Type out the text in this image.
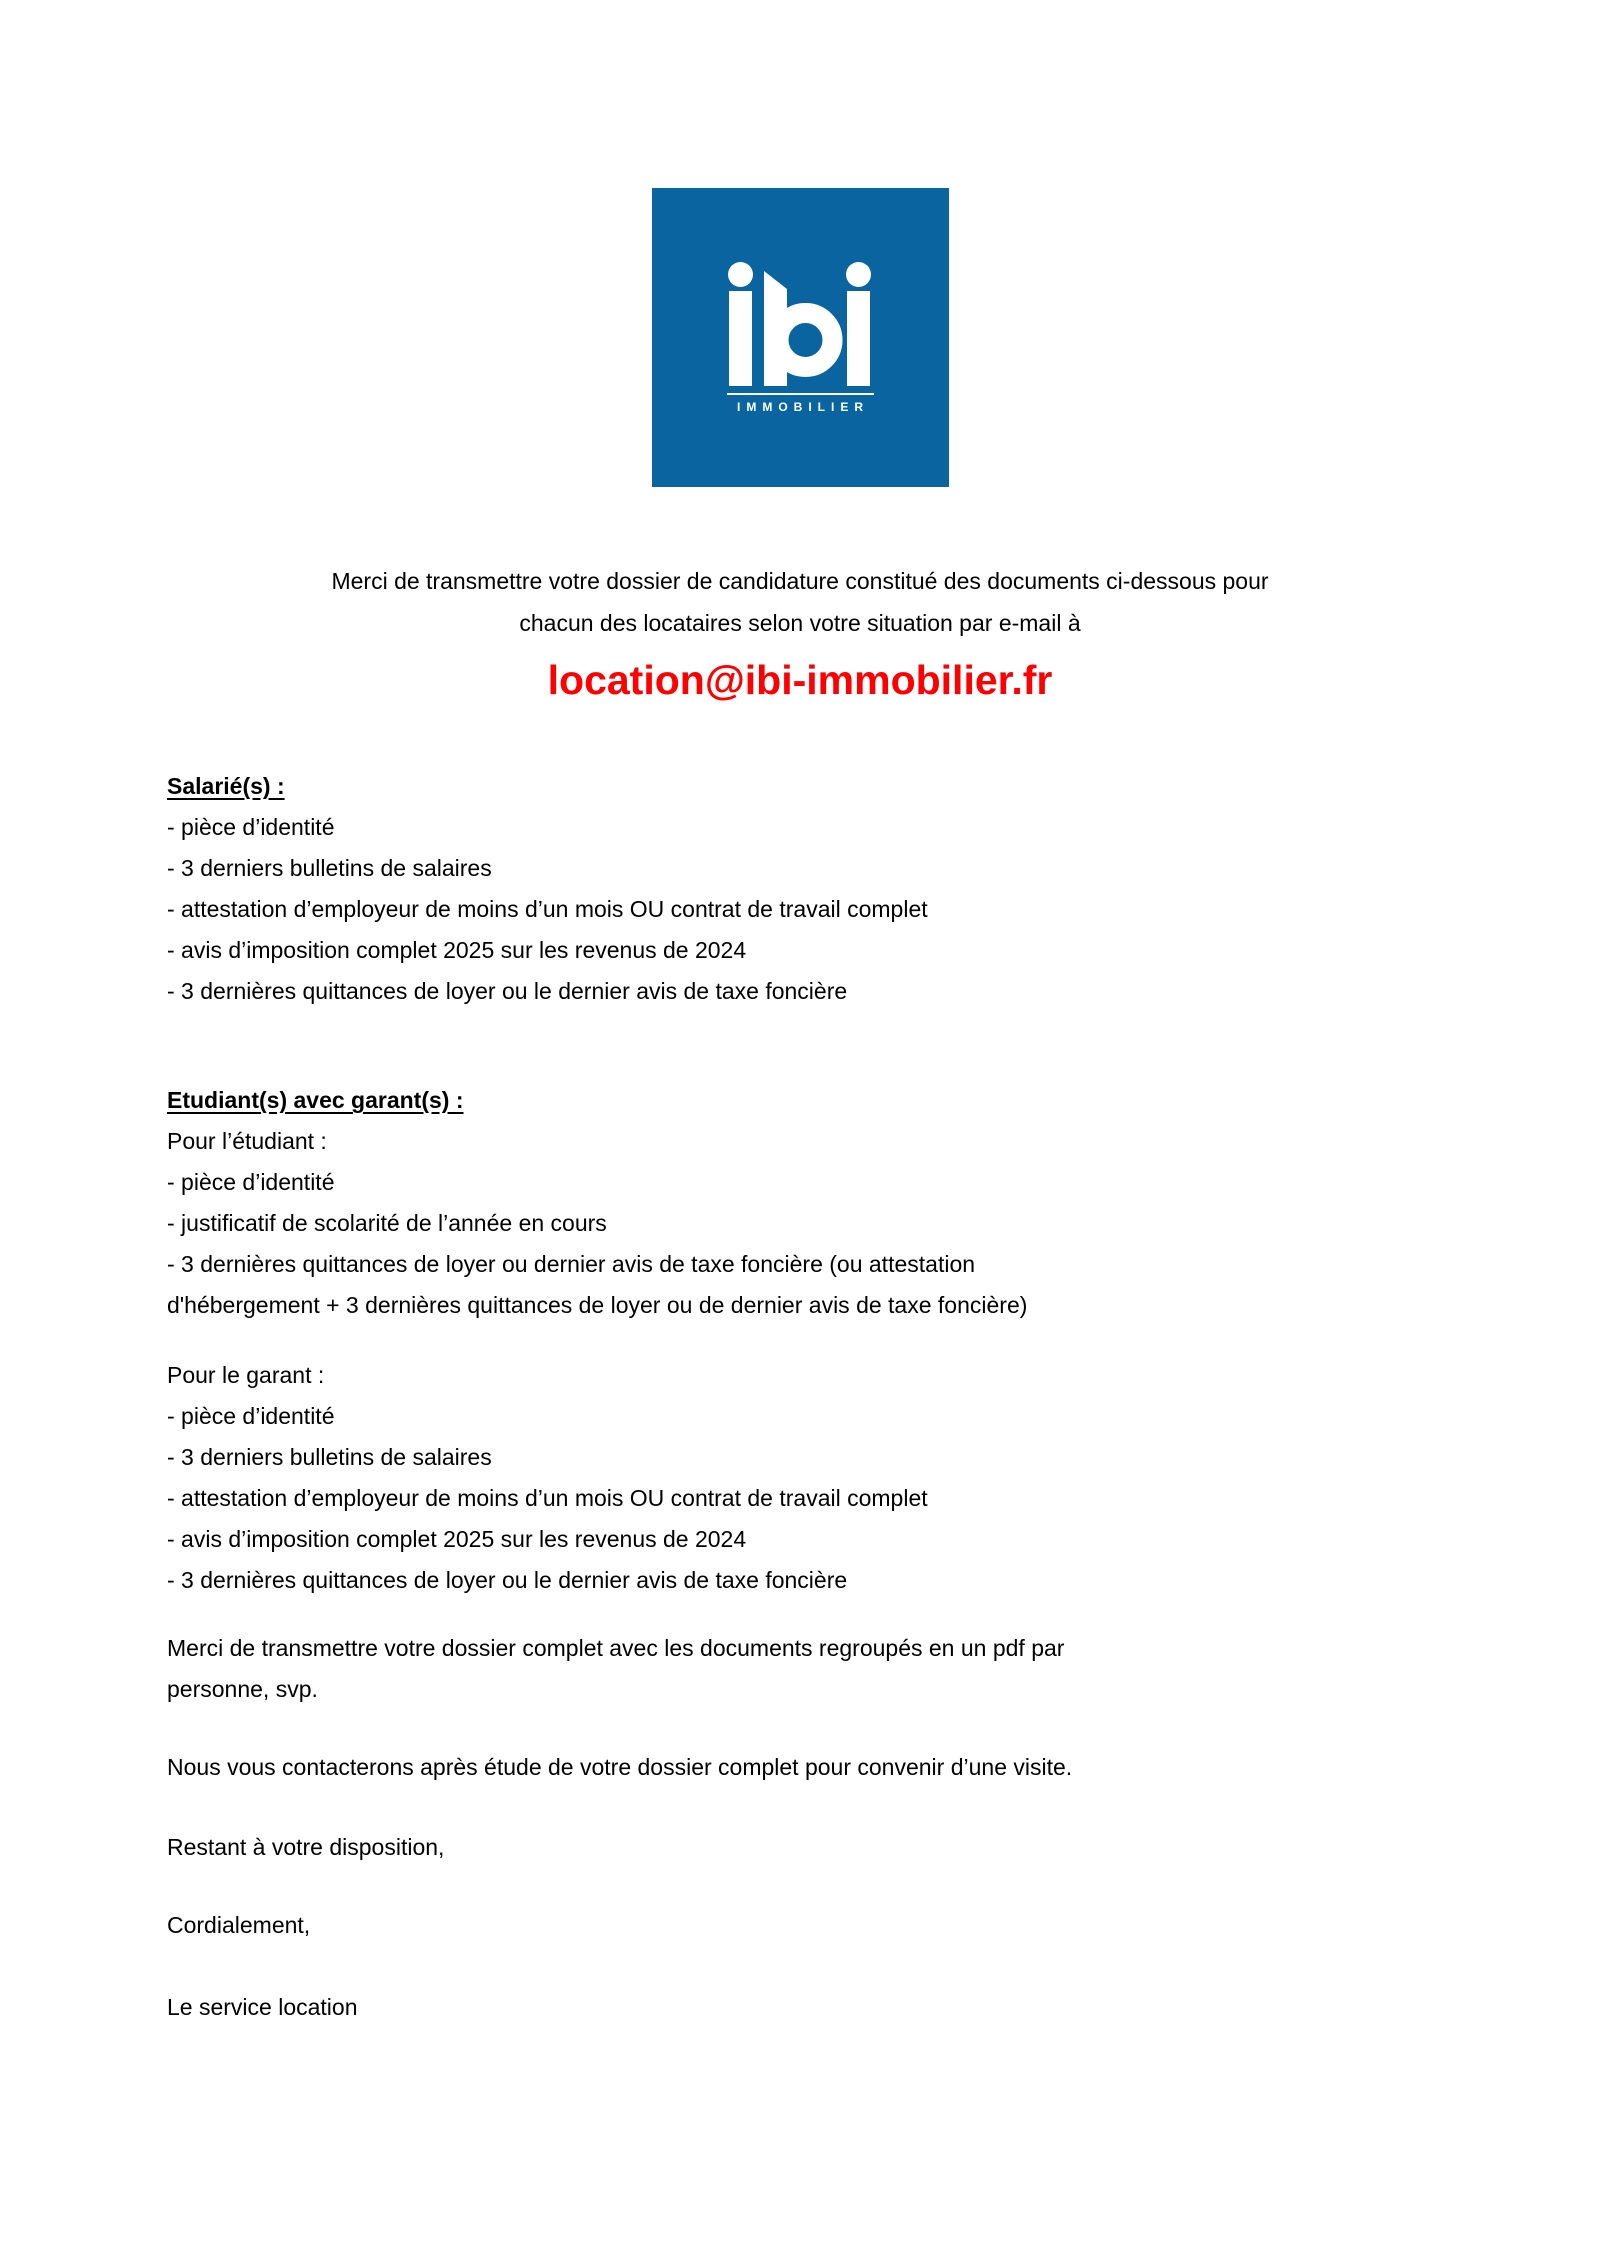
IMMOBILIER
Merci de transmettre votre dossier de candidature constitué des documents ci-dessous pour
chacun des locataires selon votre situation par e-mail à
location@ibi-immobilier.fr
Salarié(s) :
- pièce d’identité
- 3 derniers bulletins de salaires
- attestation d’employeur de moins d’un mois OU contrat de travail complet
- avis d’imposition complet 2025 sur les revenus de 2024
- 3 dernières quittances de loyer ou le dernier avis de taxe foncière
Etudiant(s) avec garant(s) :
Pour l’étudiant :
- pièce d’identité
- justificatif de scolarité de l’année en cours
- 3 dernières quittances de loyer ou dernier avis de taxe foncière (ou attestation
d'hébergement + 3 dernières quittances de loyer ou de dernier avis de taxe foncière)
Pour le garant :
- pièce d’identité
- 3 derniers bulletins de salaires
- attestation d’employeur de moins d’un mois OU contrat de travail complet
- avis d’imposition complet 2025 sur les revenus de 2024
- 3 dernières quittances de loyer ou le dernier avis de taxe foncière
Merci de transmettre votre dossier complet avec les documents regroupés en un pdf par
personne, svp.
Nous vous contacterons après étude de votre dossier complet pour convenir d’une visite.
Restant à votre disposition,
Cordialement,
Le service location
